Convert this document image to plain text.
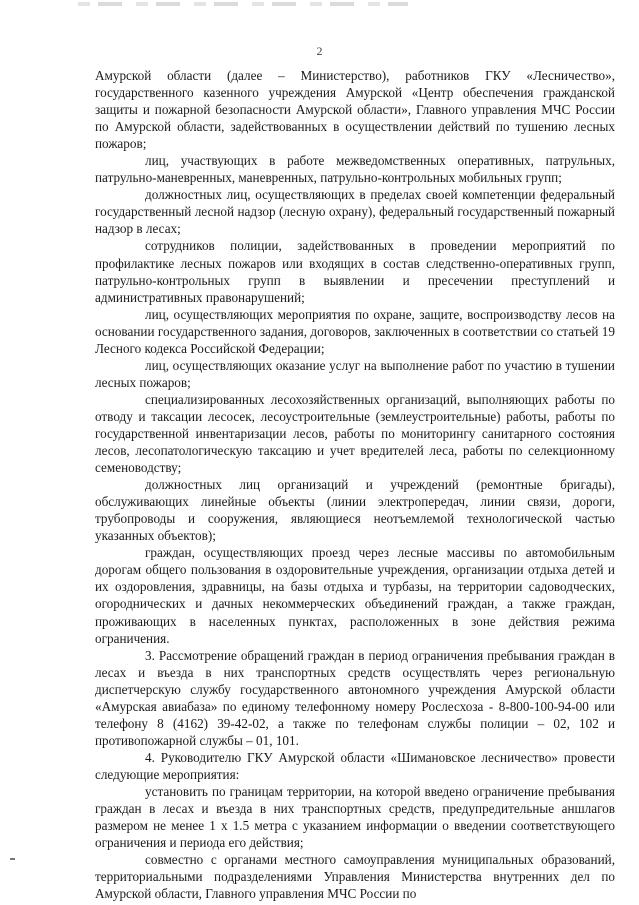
2

Амурской области (далее – Министерство), работников ГКУ «Лесничество», государственного казенного учреждения Амурской «Центр обеспечения гражданской защиты и пожарной безопасности Амурской области», Главного управления МЧС России по Амурской области, задействованных в осуществлении действий по тушению лесных пожаров;

лиц, участвующих в работе межведомственных оперативных, патрульных, патрульно-маневренных, маневренных, патрульно-контрольных мобильных групп;

должностных лиц, осуществляющих в пределах своей компетенции федеральный государственный лесной надзор (лесную охрану), федеральный государственный пожарный надзор в лесах;

сотрудников полиции, задействованных в проведении мероприятий по профилактике лесных пожаров или входящих в состав следственно-оперативных групп, патрульно-контрольных групп в выявлении и пресечении преступлений и административных правонарушений;

лиц, осуществляющих мероприятия по охране, защите, воспроизводству лесов на основании государственного задания, договоров, заключенных в соответствии со статьей 19 Лесного кодекса Российской Федерации;

лиц, осуществляющих оказание услуг на выполнение работ по участию в тушении лесных пожаров;

специализированных лесохозяйственных организаций, выполняющих работы по отводу и таксации лесосек, лесоустроительные (землеустроительные) работы, работы по государственной инвентаризации лесов, работы по мониторингу санитарного состояния лесов, лесопатологическую таксацию и учет вредителей леса, работы по селекционному семеноводству;

должностных лиц организаций и учреждений (ремонтные бригады), обслуживающих линейные объекты (линии электропередач, линии связи, дороги, трубопроводы и сооружения, являющиеся неотъемлемой технологической частью указанных объектов);

граждан, осуществляющих проезд через лесные массивы по автомобильным дорогам общего пользования в оздоровительные учреждения, организации отдыха детей и их оздоровления, здравницы, на базы отдыха и турбазы, на территории садоводческих, огороднических и дачных некоммерческих объединений граждан, а также граждан, проживающих в населенных пунктах, расположенных в зоне действия режима ограничения.

3. Рассмотрение обращений граждан в период ограничения пребывания граждан в лесах и въезда в них транспортных средств осуществлять через региональную диспетчерскую службу государственного автономного учреждения Амурской области «Амурская авиабаза» по единому телефонному номеру Рослесхоза - 8-800-100-94-00 или телефону 8 (4162) 39-42-02, а также по телефонам службы полиции – 02, 102 и противопожарной службы – 01, 101.

4. Руководителю ГКУ Амурской области «Шимановское лесничество» провести следующие мероприятия:

установить по границам территории, на которой введено ограничение пребывания граждан в лесах и въезда в них транспортных средств, предупредительные аншлагов размером не менее 1 х 1.5 метра с указанием информации о введении соответствующего ограничения и периода его действия;

совместно с органами местного самоуправления муниципальных образований, территориальными подразделениями Управления Министерства внутренних дел по Амурской области, Главного управления МЧС России по
